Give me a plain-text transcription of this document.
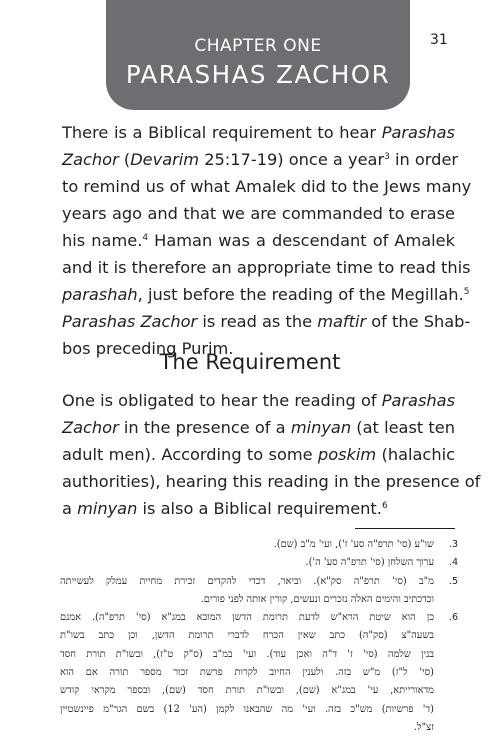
CHAPTER ONE
PARASHAS ZACHOR
31
There is a Biblical requirement to hear Parashas
Zachor (Devarim 25:17-19) once a year$^3$ in order
to remind us of what Amalek did to the Jews many
years ago and that we are commanded to erase
his name.$^4$ Haman was a descendant of Amalek
and it is therefore an appropriate time to read this
parashah, just before the reading of the Megillah.$^5$
Parashas Zachor is read as the maftir of the Shab-
bos preceding Purim.
The Requirement
One is obligated to hear the reading of Parashas
Zachor in the presence of a minyan (at least ten
adult men). According to some poskim (halachic
authorities), hearing this reading in the presence of
a minyan is also a Biblical requirement.$^6$
.3
שו"ע (סי' תרפ"ה סע' ז'), ועי' מ"ב (שם).
.4
ערוך השלחן (סי' תרפ"ה סע' ה').
.5
מ"ב (סי' תרפ"ה סק"א). וביאר, דכדי להקדים זכירת מחיית עמלק לעשייתה
וכדכתיב והימים האלה נזכרים ונעשים, קורין אותה לפני פורים.
.6
כן הוא שיטת הרא"ש לדעת תרומת הדשן המובא במג"א (סי' תרפ"ה). אמנם
בשעה"צ (סק"ה) כתב שאין הכרח לדברי תרומת הדשן, וכן כתב בשו"ת
בנין שלמה (סי' ז' ד"ה ואכן עוד). ועי' במ"ב (ס"ק ט"ז), ובשו"ת תורת חסד
(סי' ל"ז) מ"ש בזה. ולענין החיוב לקרות פרשת זכור מספר תורה אם הוא
מדאורייתא, עי' במג"א (שם), ובשו"ת תורת חסד (שם), ובספר מקראי קודש
(ד' פרשיות) מש"כ בזה. ועי' מה שהבאנו לקמן (הע' 12) בשם הגר"מ פיינשטיין
זצ"ל.
